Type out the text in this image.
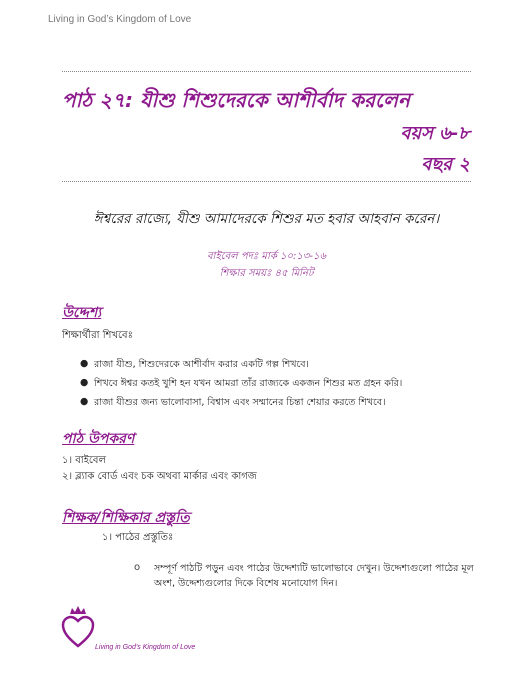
Living in God’s Kingdom of Love
পাঠ ২৭: যীশু শিশুদেরকে আশীর্বাদ করলেন
বয়স ৬-৮
বছর ২
ঈশ্বরের রাজ্যে, যীশু আমাদেরকে শিশুর মত হবার আহবান করেন।
বাইবেল পদঃ মার্ক ১০:১৩-১৬
শিক্ষার সময়ঃ ৪৫ মিনিট
উদ্দেশ্য
শিক্ষার্থীরা শিখবেঃ
● রাজা যীশু, শিশুদেরকে আশীর্বাদ করার একটি গল্প শিখবে।
● শিখবে ঈশ্বর কতই খুশি হন যখন আমরা তাঁর রাজ্যকে একজন শিশুর মত গ্রহন করি।
● রাজা যীশুর জন্য ভালোবাসা, বিশ্বাস এবং সম্মানের চিন্তা শেয়ার করতে শিখবে।
পাঠ উপকরণ
১। বাইবেল
২। ব্ল্যাক বোর্ড এবং চক অথবা মার্কার এবং কাগজ
শিক্ষক/শিক্ষিকার প্রস্তুতি
১। পাঠের প্রস্তুতিঃ
o সম্পূর্ণ পাঠটি পড়ুন এবং পাঠের উদ্দেশ্যটি ভালোভাবে দেখুন। উদ্দেশ্যগুলো পাঠের মূল অংশ, উদ্দেশ্যগুলোর দিকে বিশেষ মনোযোগ দিন।
Living in God’s Kingdom of Love
